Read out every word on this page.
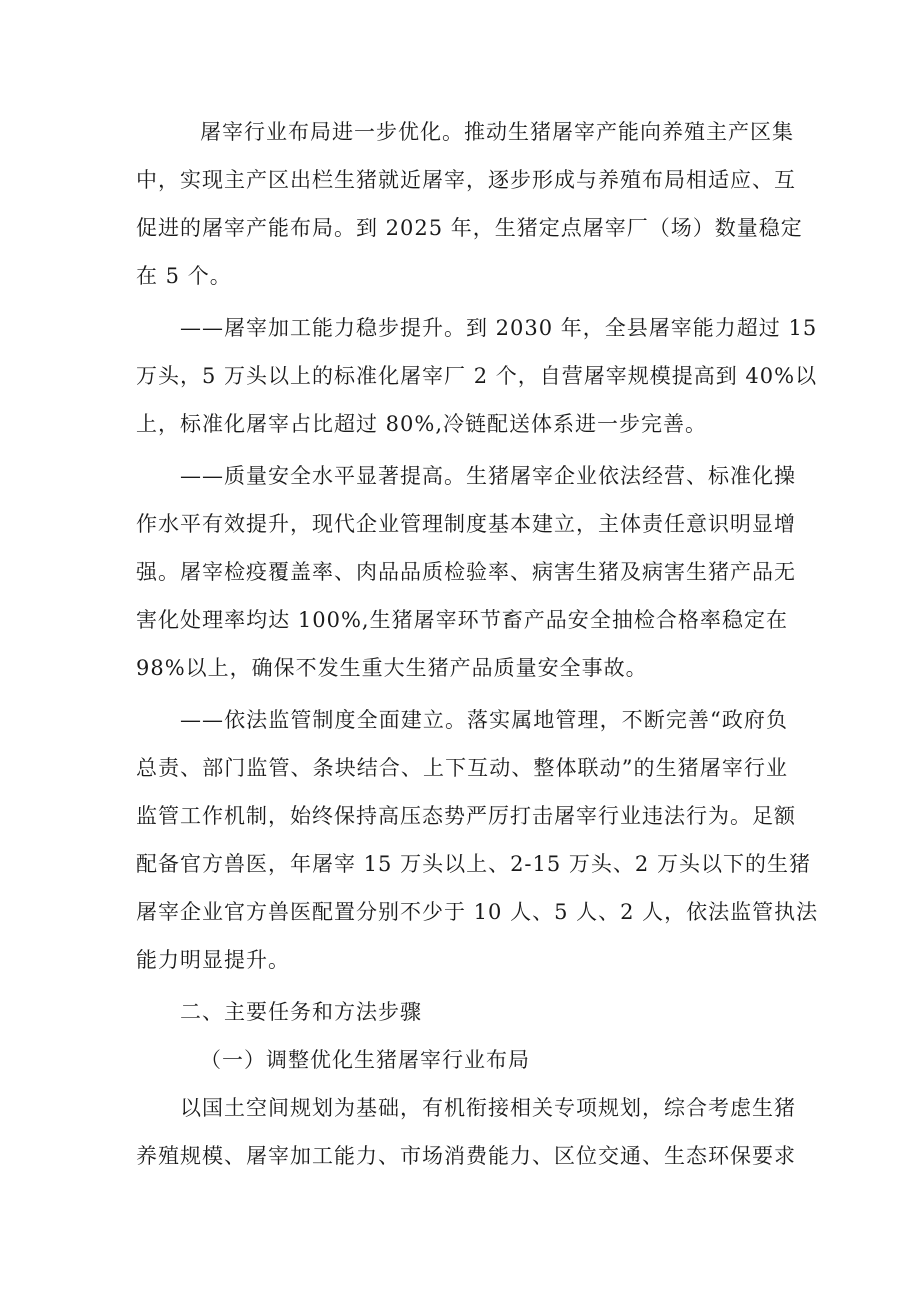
屠宰行业布局进一步优化。推动生猪屠宰产能向养殖主产区集
中，实现主产区出栏生猪就近屠宰，逐步形成与养殖布局相适应、互
促进的屠宰产能布局。到 2025 年，生猪定点屠宰厂（场）数量稳定
在 5 个。
——屠宰加工能力稳步提升。到 2030 年，全县屠宰能力超过 15
万头，5 万头以上的标准化屠宰厂 2 个，自营屠宰规模提高到 40%以
上，标准化屠宰占比超过 80%,冷链配送体系进一步完善。
——质量安全水平显著提高。生猪屠宰企业依法经营、标准化操
作水平有效提升，现代企业管理制度基本建立，主体责任意识明显增
强。屠宰检疫覆盖率、肉品品质检验率、病害生猪及病害生猪产品无
害化处理率均达 100%,生猪屠宰环节畜产品安全抽检合格率稳定在
98%以上，确保不发生重大生猪产品质量安全事故。
——依法监管制度全面建立。落实属地管理，不断完善“政府负
总责、部门监管、条块结合、上下互动、整体联动”的生猪屠宰行业
监管工作机制，始终保持高压态势严厉打击屠宰行业违法行为。足额
配备官方兽医，年屠宰 15 万头以上、2-15 万头、2 万头以下的生猪
屠宰企业官方兽医配置分别不少于 10 人、5 人、2 人，依法监管执法
能力明显提升。
二、主要任务和方法步骤
（一）调整优化生猪屠宰行业布局
以国土空间规划为基础，有机衔接相关专项规划，综合考虑生猪
养殖规模、屠宰加工能力、市场消费能力、区位交通、生态环保要求
